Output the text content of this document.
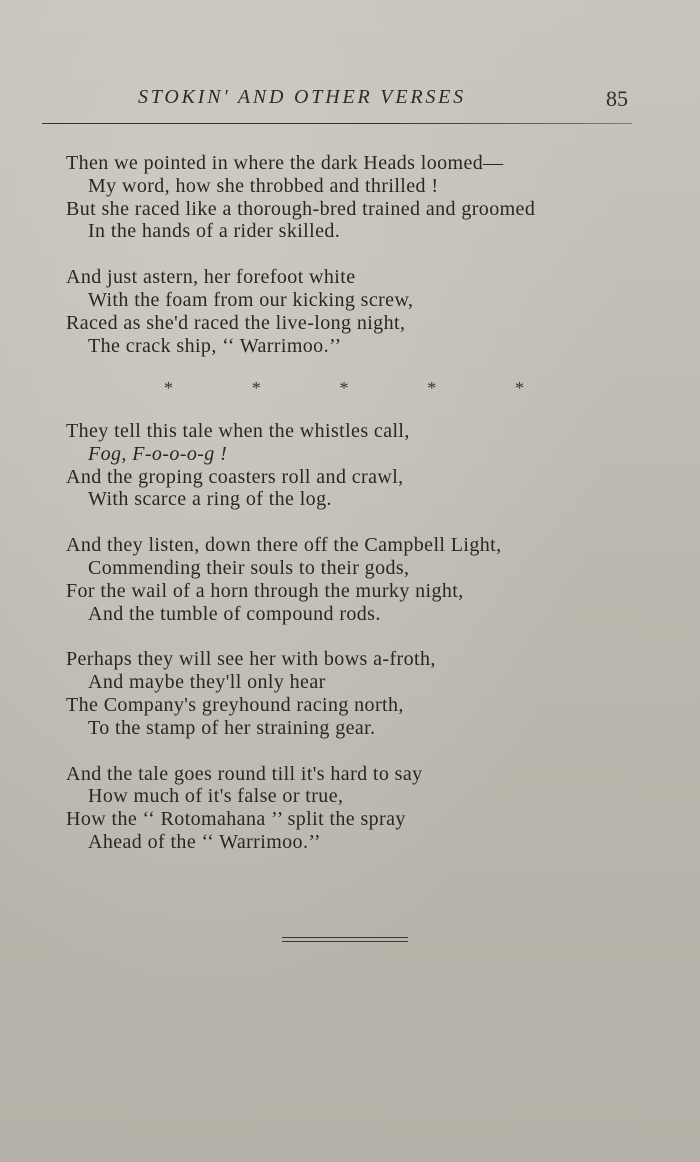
STOKIN' AND OTHER VERSES	85
Then we pointed in where the dark Heads loomed—
My word, how she throbbed and thrilled !
But she raced like a thorough-bred trained and groomed
In the hands of a rider skilled.
And just astern, her forefoot white
With the foam from our kicking screw,
Raced as she'd raced the live-long night,
The crack ship, ‘‘ Warrimoo.’’
*	*	*	*	*
They tell this tale when the whistles call,
Fog, F-o-o-o-g !
And the groping coasters roll and crawl,
With scarce a ring of the log.
And they listen, down there off the Campbell Light,
Commending their souls to their gods,
For the wail of a horn through the murky night,
And the tumble of compound rods.
Perhaps they will see her with bows a-froth,
And maybe they'll only hear
The Company's greyhound racing north,
To the stamp of her straining gear.
And the tale goes round till it's hard to say
How much of it's false or true,
How the ‘‘ Rotomahana ’’ split the spray
Ahead of the ‘‘ Warrimoo.’’
